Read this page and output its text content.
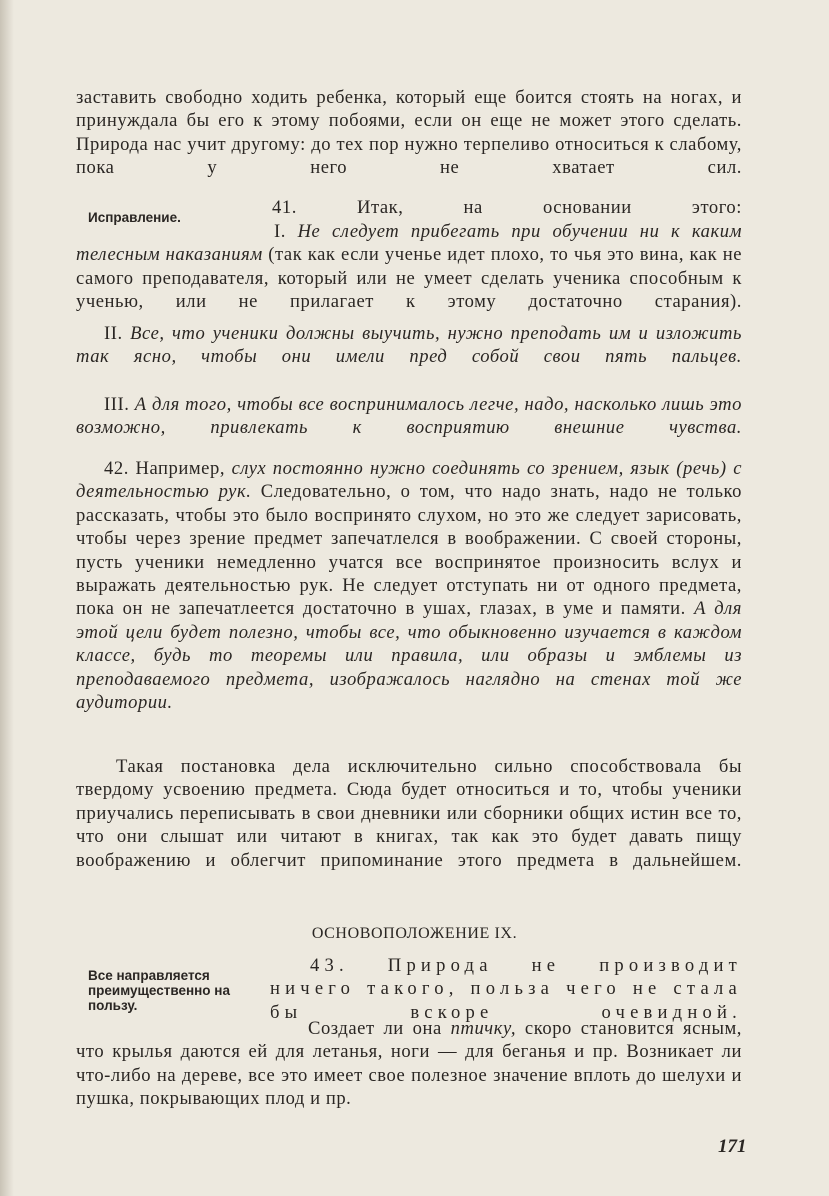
заставить свободно ходить ребенка, который еще боится стоять на ногах, и принуждала бы его к этому побоями, если он еще не может этого сделать. Природа нас учит другому: до тех пор нужно терпеливо относиться к слабому, пока у него не хватает сил.

Исправление.	41. Итак, на основании этого:

I. Не следует прибегать при обучении ни к каким телесным наказаниям (так как если ученье идет плохо, то чья это вина, как не самого преподавателя, который или не умеет сделать ученика способным к ученью, или не прилагает к этому достаточно старания).

II. Все, что ученики должны выучить, нужно преподать им и изложить так ясно, чтобы они имели пред собой свои пять пальцев.

III. А для того, чтобы все воспринималось легче, надо, насколько лишь это возможно, привлекать к восприятию внешние чувства.

42. Например, слух постоянно нужно соединять со зрением, язык (речь) с деятельностью рук. Следовательно, о том, что надо знать, надо не только рассказать, чтобы это было воспринято слухом, но это же следует зарисовать, чтобы через зрение предмет запечатлелся в воображении. С своей стороны, пусть ученики немедленно учатся все воспринятое произносить вслух и выражать деятельностью рук. Не следует отступать ни от одного предмета, пока он не запечатлеется достаточно в ушах, глазах, в уме и памяти. А для этой цели будет полезно, чтобы все, что обыкновенно изучается в каждом классе, будь то теоремы или правила, или образы и эмблемы из преподаваемого предмета, изображалось наглядно на стенах той же аудитории.

Такая постановка дела исключительно сильно способствовала бы твердому усвоению предмета. Сюда будет относиться и то, чтобы ученики приучались переписывать в свои дневники или сборники общих истин все то, что они слышат или читают в книгах, так как это будет давать пищу воображению и облегчит припоминание этого предмета в дальнейшем.

ОСНОВОПОЛОЖЕНИЕ IX.
Все направляется преимущественно на пользу.

43. Природа не производит ничего такого, польза чего не стала бы вскоре очевидной.

Создает ли она птичку, скоро становится ясным, что крылья даются ей для летанья, ноги — для беганья и пр. Возникает ли что-либо на дереве, все это имеет свое полезное значение вплоть до шелухи и пушка, покрывающих плод и пр.

171
